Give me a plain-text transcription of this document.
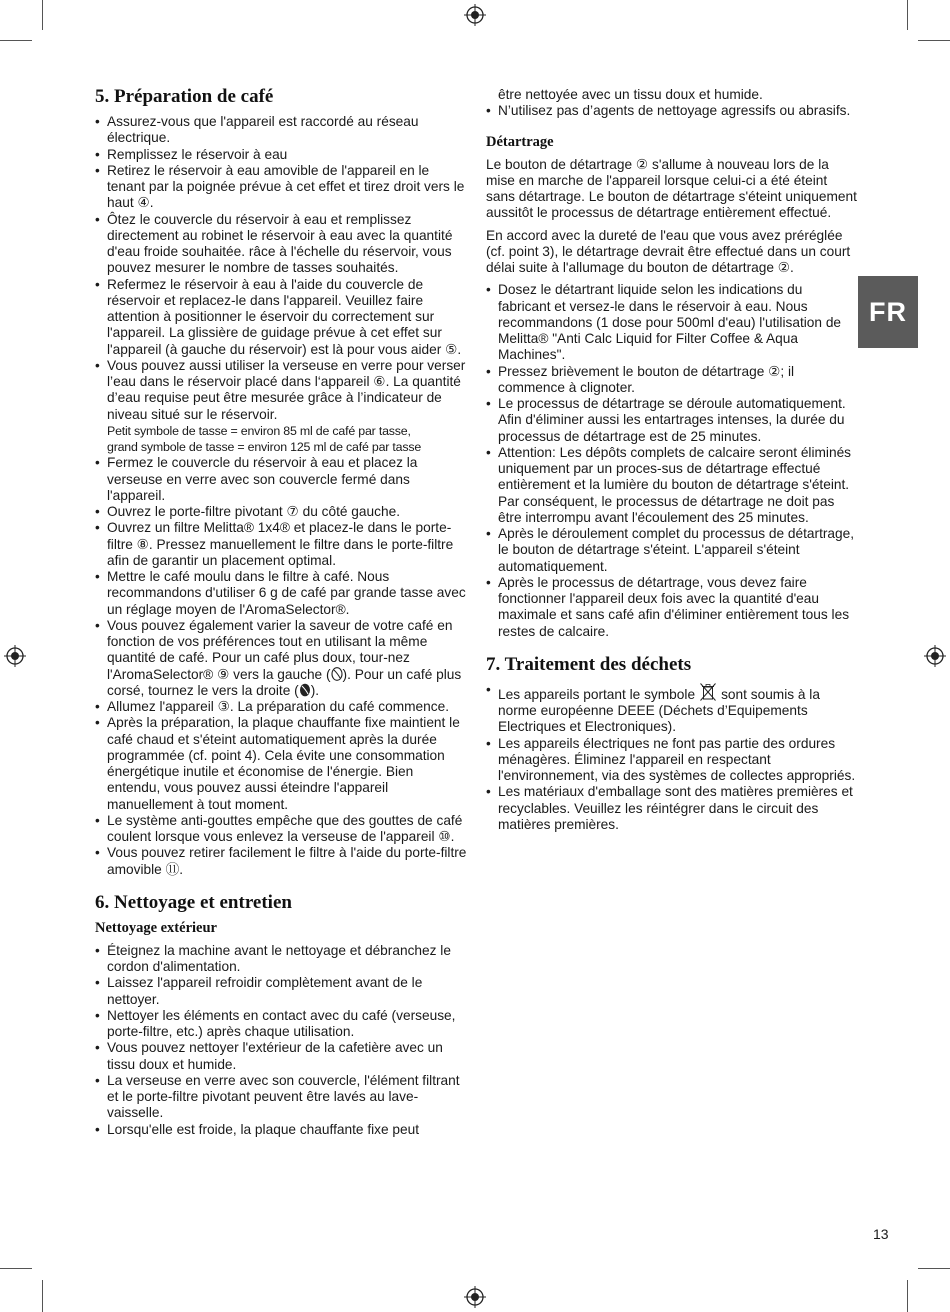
5. Préparation de café
• Assurez-vous que l'appareil est raccordé au réseau électrique.
• Remplissez le réservoir à eau
• Retirez le réservoir à eau amovible de l'appareil en le tenant par la poignée prévue à cet effet et tirez droit vers le haut ④.
• Ôtez le couvercle du réservoir à eau et remplissez directement au robinet le réservoir à eau avec la quantité d'eau froide souhaitée. râce à l'échelle du réservoir, vous pouvez mesurer le nombre de tasses souhaités.
• Refermez le réservoir à eau à l'aide du couvercle de réservoir et replacez-le dans l'appareil. Veuillez faire attention à positionner le éservoir du correctement sur l'appareil. La glissière de guidage prévue à cet effet sur l'appareil (à gauche du réservoir) est là pour vous aider ⑤.
• Vous pouvez aussi utiliser la verseuse en verre pour verser l’eau dans le réservoir placé dans l‘appareil ⑥. La quantité d’eau requise peut être mesurée grâce à l’indicateur de niveau situé sur le réservoir.
Petit symbole de tasse = environ 85 ml de café par tasse,
grand symbole de tasse = environ 125 ml de café par tasse
• Fermez le couvercle du réservoir à eau et placez la verseuse en verre avec son couvercle fermé dans l'appareil.
• Ouvrez le porte-filtre pivotant ⑦ du côté gauche.
• Ouvrez un filtre Melitta® 1x4® et placez-le dans le porte-filtre ⑧. Pressez manuellement le filtre dans le porte-filtre afin de garantir un placement optimal.
• Mettre le café moulu dans le filtre à café. Nous recommandons d'utiliser 6 g de café par grande tasse avec un réglage moyen de l'AromaSelector®.
• Vous pouvez également varier la saveur de votre café en fonction de vos préférences tout en utilisant la même quantité de café. Pour un café plus doux, tour-nez l'AromaSelector® ⑨ vers la gauche ( ). Pour un café plus corsé, tournez le vers la droite ( ).
• Allumez l'appareil ③. La préparation du café commence.
• Après la préparation, la plaque chauffante fixe maintient le café chaud et s'éteint automatiquement après la durée programmée (cf. point 4). Cela évite une consommation énergétique inutile et économise de l'énergie. Bien entendu, vous pouvez aussi éteindre l'appareil manuellement à tout moment.
• Le système anti-gouttes empêche que des gouttes de café coulent lorsque vous enlevez la verseuse de l'appareil ⑩.
• Vous pouvez retirer facilement le filtre à l'aide du porte-filtre amovible ⑪.
6. Nettoyage et entretien
Nettoyage extérieur
• Éteignez la machine avant le nettoyage et débranchez le cordon d'alimentation.
• Laissez l'appareil refroidir complètement avant de le nettoyer.
• Nettoyer les éléments en contact avec du café (verseuse, porte-filtre, etc.) après chaque utilisation.
• Vous pouvez nettoyer l'extérieur de la cafetière avec un tissu doux et humide.
• La verseuse en verre avec son couvercle, l'élément filtrant et le porte-filtre pivotant peuvent être lavés au lave-vaisselle.
• Lorsqu'elle est froide, la plaque chauffante fixe peut
être nettoyée avec un tissu doux et humide.
• N’utilisez pas d’agents de nettoyage agressifs ou abrasifs.
Détartrage

Le bouton de détartrage ② s'allume à nouveau lors de la mise en marche de l'appareil lorsque celui-ci a été éteint sans détartrage. Le bouton de détartrage s'éteint uniquement aussitôt le processus de détartrage entièrement effectué.

En accord avec la dureté de l'eau que vous avez préréglée (cf. point 3), le détartrage devrait être effectué dans un court délai suite à l'allumage du bouton de détartrage ②.

• Dosez le détartrant liquide selon les indications du fabricant et versez-le dans le réservoir à eau. Nous recommandons (1 dose pour 500ml d'eau) l'utilisation de Melitta® "Anti Calc Liquid for Filter Coffee & Aqua Machines".
• Pressez brièvement le bouton de détartrage ②; il commence à clignoter.
• Le processus de détartrage se déroule automatiquement. Afin d'éliminer aussi les entartrages intenses, la durée du processus de détartrage est de 25 minutes.
• Attention: Les dépôts complets de calcaire seront éliminés uniquement par un proces-sus de détartrage effectué entièrement et la lumière du bouton de détartrage s'éteint. Par conséquent, le processus de détartrage ne doit pas être interrompu avant l'écoulement des 25 minutes.
• Après le déroulement complet du processus de détartrage, le bouton de détartrage s'éteint. L'appareil s'éteint automatiquement.
• Après le processus de détartrage, vous devez faire fonctionner l'appareil deux fois avec la quantité d'eau maximale et sans café afin d'éliminer entièrement tous les restes de calcaire.
7. Traitement des déchets
• Les appareils portant le symbole sont soumis à la norme européenne DEEE (Déchets d’Equipements Electriques et Electroniques).
• Les appareils électriques ne font pas partie des ordures ménagères. Éliminez l'appareil en respectant l'environnement, via des systèmes de collectes appropriés.
• Les matériaux d'emballage sont des matières premières et recyclables. Veuillez les réintégrer dans le circuit des matières premières.
FR
13
